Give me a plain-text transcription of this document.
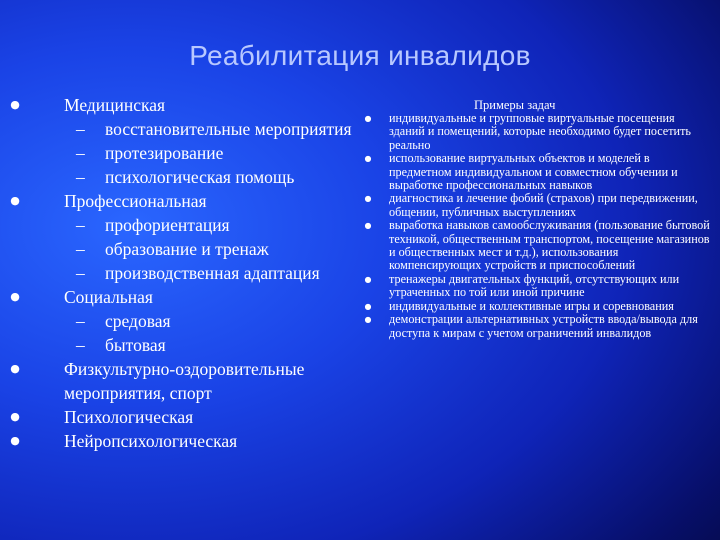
Реабилитация инвалидов
●	Медицинская
– восстановительные мероприятия
– протезирование
– психологическая помощь
●	Профессиональная
– профориентация
– образование и тренаж
– производственная адаптация
●	Социальная
– средовая
– бытовая
●	Физкультурно-оздоровительные мероприятия, спорт
●	Психологическая
●	Нейропсихологическая
Примеры задач
● индивидуальные и групповые виртуальные посещения зданий и помещений, которые необходимо будет посетить реально
● использование виртуальных объектов и моделей в предметном индивидуальном и совместном обучении и выработке профессиональных навыков
● диагностика и лечение фобий (страхов) при передвижении, общении, публичных выступлениях
● выработка навыков самообслуживания (пользование бытовой техникой, общественным транспортом, посещение магазинов и общественных мест и т.д.), использования компенсирующих устройств и приспособлений
● тренажеры двигательных функций, отсутствующих или утраченных по той или иной причине
● индивидуальные и коллективные игры и соревнования
● демонстрации альтернативных устройств ввода/вывода для доступа к мирам с учетом ограничений инвалидов
